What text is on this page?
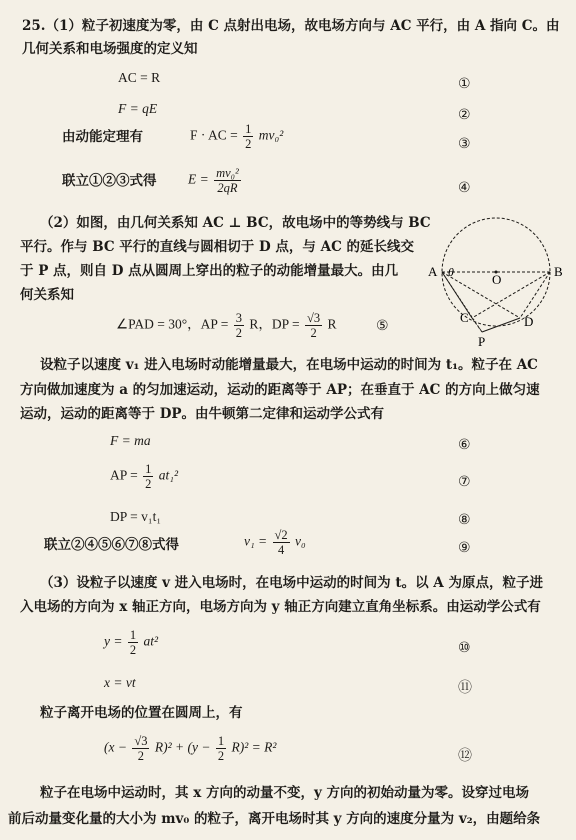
25.（1）粒子初速度为零，由 C 点射出电场，故电场方向与 AC 平行，由 A 指向 C。由
几何关系和电场强度的定义知
AC = R	①
F = qE	②
由动能定理有	F · AC = $\frac{1}{2} mv_0^2$
③
联立①②③式得 $E = \frac{\text{mv₀²}}{2qR}$	④
（2）如图，由几何关系知 AC ⊥ BC，故电场中的等势线与 BC
平行。作与 BC 平行的直线与圆相切于 D 点，与 AC 的延长线交
于 P 点，则自 D 点从圆周上穿出的粒子的动能增量最大。由几
何关系知
∠PAD = 30°，AP = $\frac{3}{2}$ R，DP = $\frac{√3}{2}$ R	⑤
A θ	O
B
C	D
P
设粒子以速度 v₁ 进入电场时动能增量最大，在电场中运动的时间为 t₁。粒子在 AC
方向做加速度为 a 的匀加速运动，运动的距离等于 AP；在垂直于 AC 的方向上做匀速
运动，运动的距离等于 DP。由牛顿第二定律和运动学公式有
F = ma	⑥
AP = $\frac{1}{2} at_1^2$	⑦
DP = v₁t₁	⑧
联立②④⑤⑥⑦⑧式得	$v_1 = \frac{√2}{4} v_0$	⑨
（3）设粒子以速度 v 进入电场时，在电场中运动的时间为 t。以 A 为原点，粒子进
入电场的方向为 x 轴正方向，电场方向为 y 轴正方向建立直角坐标系。由运动学公式有
$y = \frac{1}{2} at^2$	⑩
x = vt	⑪
粒子离开电场的位置在圆周上，有
$(x - \frac{√3}{2} R)^2 + (y - \frac{1}{2} R)^2 = R^2$
⑫
粒子在电场中运动时，其 x 方向的动量不变，y 方向的初始动量为零。设穿过电场
前后动量变化量的大小为 mv₀ 的粒子，离开电场时其 y 方向的速度分量为 v₂，由题给条
